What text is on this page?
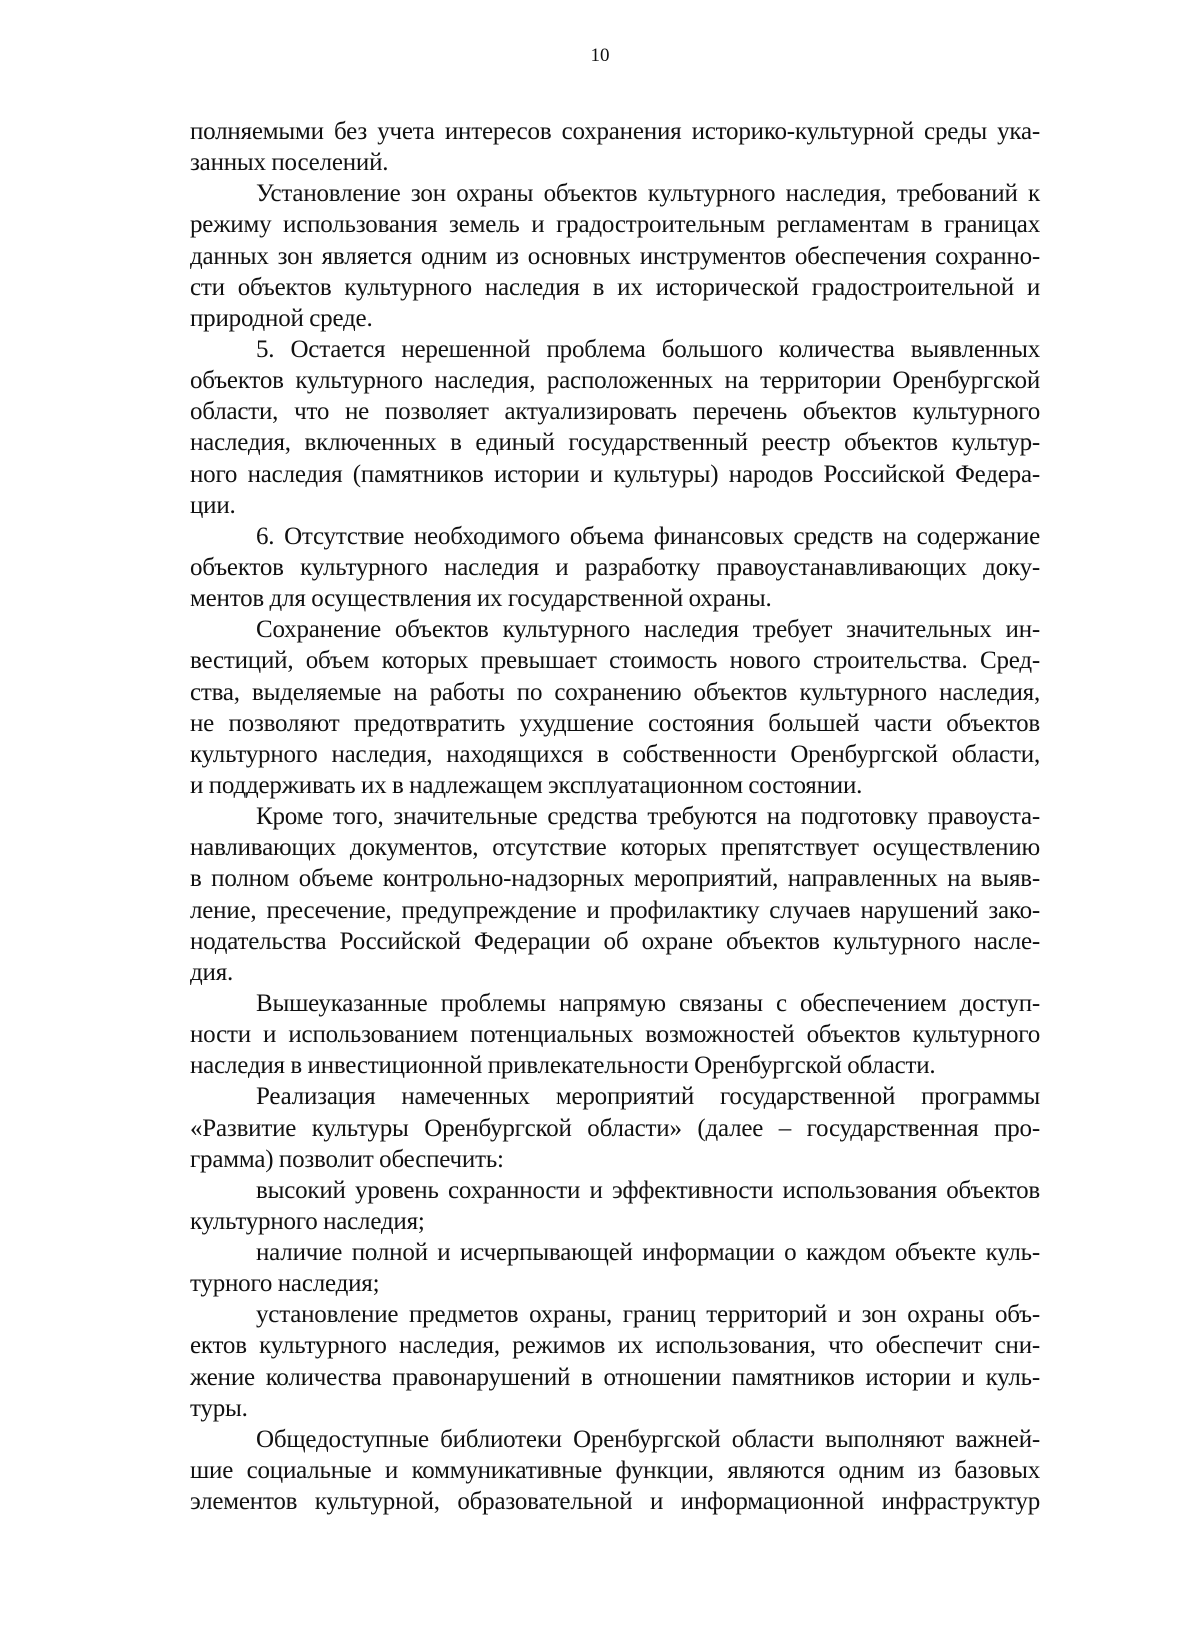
10
полняемыми без учета интересов сохранения историко-культурной среды ука-
занных поселений.
Установление зон охраны объектов культурного наследия, требований к
режиму использования земель и градостроительным регламентам в границах
данных зон является одним из основных инструментов обеспечения сохранно-
сти объектов культурного наследия в их исторической градостроительной и
природной среде.
5. Остается нерешенной проблема большого количества выявленных
объектов культурного наследия, расположенных на территории Оренбургской
области, что не позволяет актуализировать перечень объектов культурного
наследия, включенных в единый государственный реестр объектов культур-
ного наследия (памятников истории и культуры) народов Российской Федера-
ции.
6. Отсутствие необходимого объема финансовых средств на содержание
объектов культурного наследия и разработку правоустанавливающих доку-
ментов для осуществления их государственной охраны.
Сохранение объектов культурного наследия требует значительных ин-
вестиций, объем которых превышает стоимость нового строительства. Сред-
ства, выделяемые на работы по сохранению объектов культурного наследия,
не позволяют предотвратить ухудшение состояния большей части объектов
культурного наследия, находящихся в собственности Оренбургской области,
и поддерживать их в надлежащем эксплуатационном состоянии.
Кроме того, значительные средства требуются на подготовку правоуста-
навливающих документов, отсутствие которых препятствует осуществлению
в полном объеме контрольно-надзорных мероприятий, направленных на выяв-
ление, пресечение, предупреждение и профилактику случаев нарушений зако-
нодательства Российской Федерации об охране объектов культурного насле-
дия.
Вышеуказанные проблемы напрямую связаны с обеспечением доступ-
ности и использованием потенциальных возможностей объектов культурного
наследия в инвестиционной привлекательности Оренбургской области.
Реализация намеченных мероприятий государственной программы
«Развитие культуры Оренбургской области» (далее – государственная про-
грамма) позволит обеспечить:
высокий уровень сохранности и эффективности использования объектов
культурного наследия;
наличие полной и исчерпывающей информации о каждом объекте куль-
турного наследия;
установление предметов охраны, границ территорий и зон охраны объ-
ектов культурного наследия, режимов их использования, что обеспечит сни-
жение количества правонарушений в отношении памятников истории и куль-
туры.
Общедоступные библиотеки Оренбургской области выполняют важней-
шие социальные и коммуникативные функции, являются одним из базовых
элементов культурной, образовательной и информационной инфраструктур
